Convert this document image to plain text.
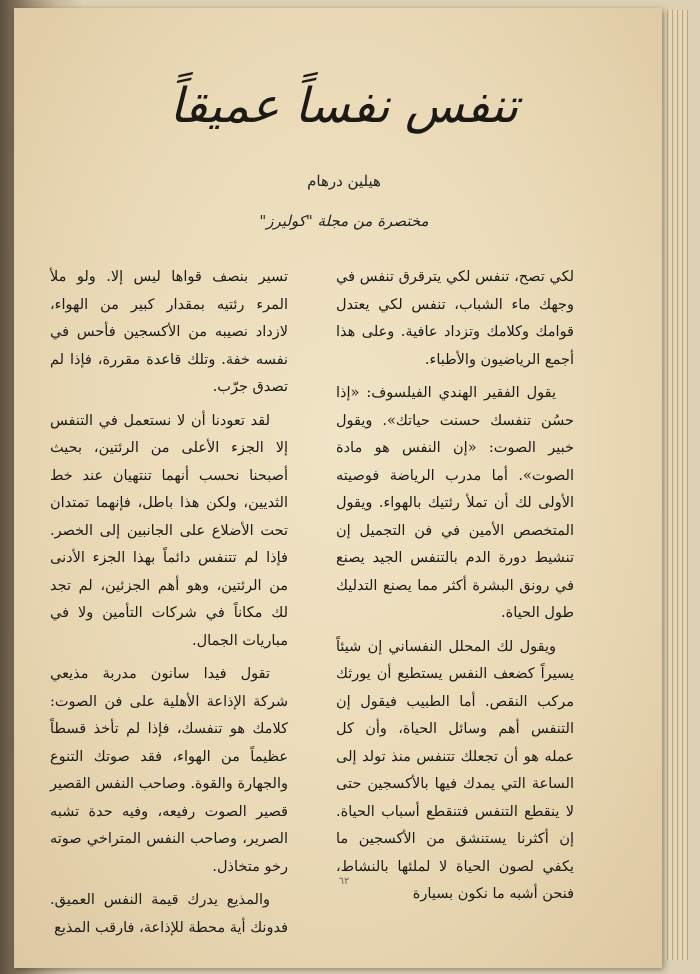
تنفس نفساً عميقاً
هيلين درهام
مختصرة من مجلة "كوليرز"

لكي تصح، تنفس لكي يترقرق تنفس في وجهك ماء الشباب، تنفس لكي يعتدل قوامك وكلامك وتزداد عافية. وعلى هذا أجمع الرياضيون والأطباء.

يقول الفقير الهندي الفيلسوف: «إذا حسُن تنفسك حسنت حياتك». ويقول خبير الصوت: «إن النفس هو مادة الصوت». أما مدرب الرياضة فوصيته الأولى لك أن تملأ رئتيك بالهواء. ويقول المتخصص الأمين في فن التجميل إن تنشيط دورة الدم بالتنفس الجيد يصنع في رونق البشرة أكثر مما يصنع التدليك طول الحياة.

ويقول لك المحلل النفساني إن شيئاً يسيراً كضعف النفس يستطيع أن يورثك مركب النقص. أما الطبيب فيقول إن التنفس أهم وسائل الحياة، وأن كل عمله هو أن تجعلك تتنفس منذ تولد إلى الساعة التي يمدك فيها بالأكسجين حتى لا ينقطع التنفس فتنقطع أسباب الحياة. إن أكثرنا يستنشق من الأكسجين ما يكفي لصون الحياة لا لملئها بالنشاط، فنحن أشبه ما نكون بسيارة

تسير بنصف قواها ليس إلا. ولو ملأ المرء رئتيه بمقدار كبير من الهواء، لازداد نصيبه من الأكسجين فأحس في نفسه خفة. وتلك قاعدة مقررة، فإذا لم تصدق جرّب.

لقد تعودنا أن لا نستعمل في التنفس إلا الجزء الأعلى من الرئتين، بحيث أصبحنا نحسب أنهما تنتهيان عند خط الثديين، ولكن هذا باطل، فإنهما تمتدان تحت الأضلاع على الجانبين إلى الخصر. فإذا لم تتنفس دائماً بهذا الجزء الأدنى من الرئتين، وهو أهم الجزئين، لم تجد لك مكاناً في شركات التأمين ولا في مباريات الجمال.

تقول فيدا سانون مدربة مذيعي شركة الإذاعة الأهلية على فن الصوت: كلامك هو تنفسك، فإذا لم تأخذ قسطاً عظيماً من الهواء، فقد صوتك التنوع والجهارة والقوة. وصاحب النفس القصير قصير الصوت رفيعه، وفيه حدة تشبه الصرير، وصاحب النفس المتراخي صوته رخو متخاذل.

والمذيع يدرك قيمة النفس العميق. فدونك أية محطة للإذاعة، فارقب المذيع

٦٢
